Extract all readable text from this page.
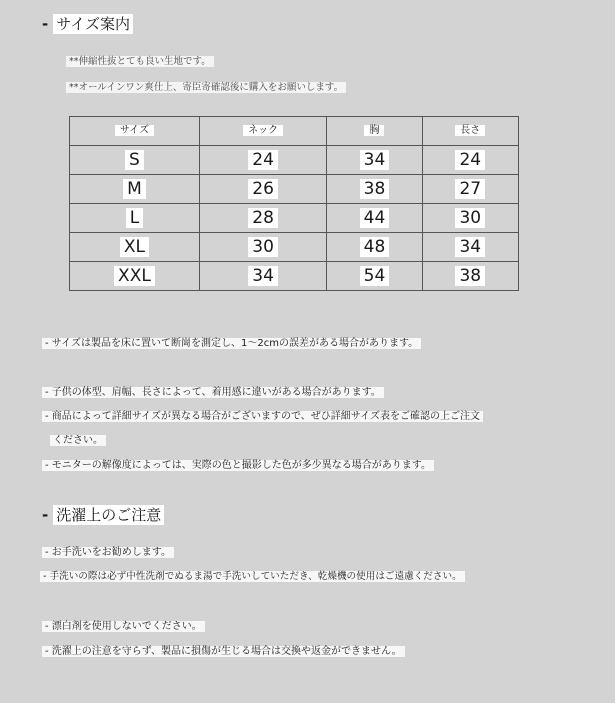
- サイズ案内
**伸縮性抜とても良い生地です。
**オールインワン爽仕上、寄臣寄確認後に購入をお願いします。
サイズ	ネック	胸	長さ
S	24	34	24
M	26	38	27
L	28	44	30
XL	30	48	34
XXL	34	54	38
- サイズは製品を床に置いて断崗を測定し、1〜2cmの誤差がある場合があります。
- 子供の体型、肩幅、長さによって、着用感に違いがある場合があります。
- 商品によって詳細サイズが異なる場合がございますので、ぜひ詳細サイズ表をご確認の上ご注文
ください。
- モニターの解像度によっては、実際の色と撮影した色が多少異なる場合があります。
- 洗濯上のご注意
- お手洗いをお勧めします。
- 手洗いの際は必ず中性洗剤でぬるま湯で手洗いしていただき、乾燥機の使用はご遠慮ください。
- 漂白剤を使用しないでください。
- 洗濯上の注意を守らず、製品に損傷が生じる場合は交換や返金ができません。
